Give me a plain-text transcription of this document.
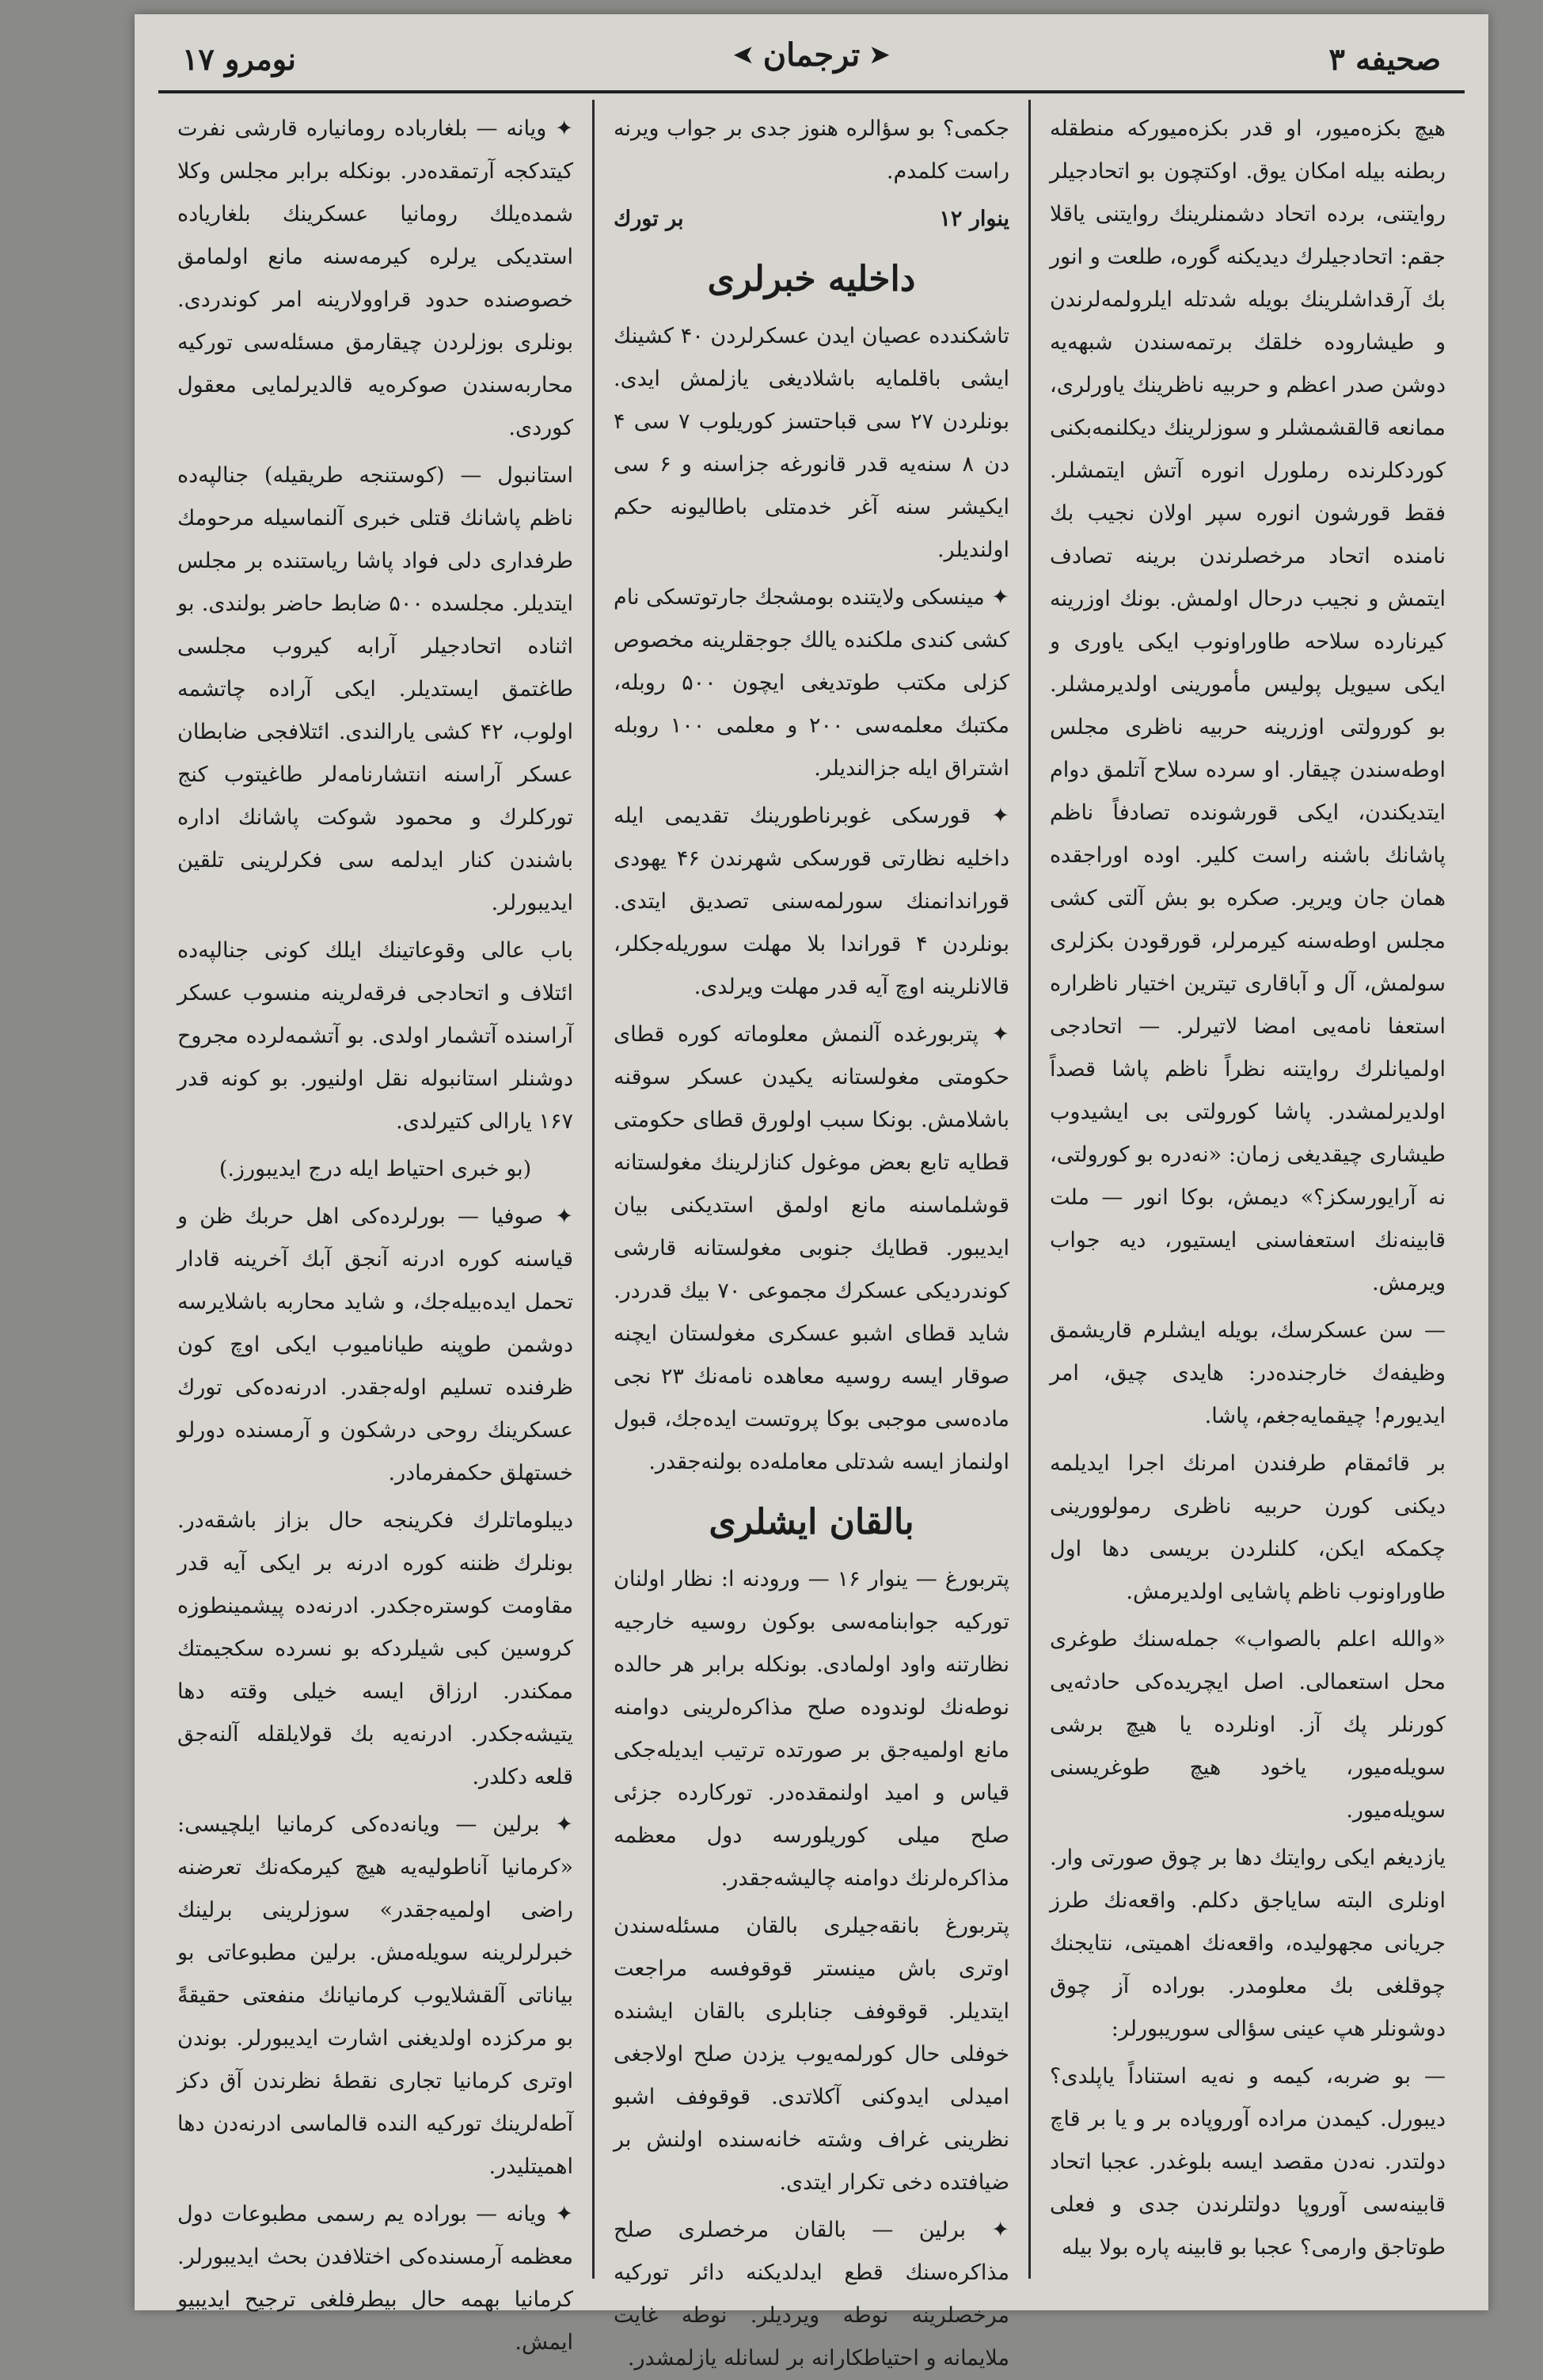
صحیفه ۳
➤
ترجمان
➤
نومرو ۱۷

هیچ بکزه‌میور، او قدر بکزه‌میورکه منطقله ربطنه بیله امکان یوق. اوکتچون بو اتحادجیلر روایتنی، برده اتحاد دشمنلرینك روایتنی یاقلا جقم: اتحادجیلرك دیدیکنه گوره، طلعت و انور بك آرقداشلرینك بویله شدتله ایلرولمه‌لرندن و طیشاروده خلقك برتمه‌سندن شبهه‌یه دوشن صدر اعظم و حربیه ناظرینك یاورلری، ممانعه قالقشمشلر و سوزلرینك دیکلنمه‌بکنی کوردکلرنده رملورل انوره آتش ایتمشلر. فقط قورشون انوره سپر اولان نجیب بك نامنده اتحاد مرخصلرندن برینه تصادف ایتمش و نجیب درحال اولمش. بونك اوزرینه کیرنارده سلاحه طاوراونوب ایکی یاوری و ایکی سیویل پولیس مأمورینی اولدیرمشلر. بو کورولتی اوزرینه حربیه ناظری مجلس اوطه‌سندن چیقار. او سرده سلاح آتلمق دوام ایتدیکندن، ایکی قورشونده تصادفاً ناظم پاشانك باشنه راست کلیر. اوده اوراجقده همان جان ویریر. صکره بو بش آلتی کشی مجلس اوطه‌سنه کیرمرلر، قورقودن بکزلری سولمش، آل و آباقاری تیترین اختیار ناظراره استعفا نامه‌یی امضا لاتیرلر. — اتحادجی اولمیانلرك روایتنه نظراً ناظم پاشا قصداً اولدیرلمشدر. پاشا کورولتی بی ایشیدوب طیشاری چیقدیغی زمان: «نه‌دره بو کورولتی، نه آرایورسکز؟» دیمش، بوکا انور — ملت قابینه‌نك استعفاسنی ایستیور، دیه جواب ویرمش.

— سن عسکرسك، بویله ایشلرم قاریشمق وظیفه‌ك خارجنده‌در: هایدی چیق، امر ایدیورم! چیقمایه‌جغم، پاشا.

بر قائمقام طرفندن امرنك اجرا ایدیلمه دیکنی کورن حربیه ناظری رمولوورینی چکمکه ایکن، کلنلردن بریسی دها اول طاوراونوب ناظم پاشایی اولدیرمش.

«والله اعلم بالصواب» جمله‌سنك طوغری محل استعمالی. اصل ایچریده‌کی حادثه‌یی کورنلر پك آز. اونلرده یا هیچ برشی سویله‌میور، یاخود هیچ طوغریسنی سویله‌میور.

یازدیغم ایکی روایتك دها بر چوق صورتی وار. اونلری البته ساياجق دکلم. واقعه‌نك طرز جریانی مجهولیده، واقعه‌نك اهمیتی، نتایجنك چوقلغی بك معلومدر. بوراده آز چوق دوشونلر هپ عینی سؤالی سوریبورلر:

— بو ضربه، کیمه و نه‌یه استناداً یاپلدی؟ دیبورل. کیمدن مراده آوروپاده بر و یا بر قاچ دولتدر. نه‌دن مقصد ایسه بلوغدر. عجبا اتحاد قابینه‌سی آوروپا دولتلرندن جدی و فعلی طوتاجق وارمی؟ عجبا بو قابینه پاره بولا بیله

جکمی؟ بو سؤالره هنوز جدی بر جواب ویرنه راست کلمدم.

ینوار ۱۲
بر تورك
داخلیه خبرلری

تاشکندده عصیان ایدن عسکرلردن ۴۰ کشینك ایشی باقلمایه باشلادیغی یازلمش ایدی. بونلردن ۲۷ سی قباحتسز کوریلوب ۷ سی ۴ دن ۸ سنه‌یه قدر قانورغه جزاسنه و ۶ سی ایکیشر سنه آغر خدمتلی باطالیونه حکم اولندیلر.

✦ مینسکی ولایتنده بومشجك جارتوتسکی نام کشی کندی ملکنده یالك جوجقلرینه مخصوص کزلی مکتب طوتدیغی ایچون ۵۰۰ روبله، مکتبك معلمه‌سی ۲۰۰ و معلمی ۱۰۰ روبله اشتراق ایله جزالندیلر.

✦ قورسکی غوبرناطورینك تقدیمی ایله داخلیه نظارتی قورسکی شهرندن ۴۶ یهودی قوراندانمنك سورلمه‌سنی تصدیق ایتدی. بونلردن ۴ قوراندا بلا مهلت سوریله‌جکلر، قالانلرینه اوچ آیه قدر مهلت ویرلدی.

✦ پتربورغده آلنمش معلوماته کوره قطای حکومتی مغولستانه یکیدن عسکر سوقنه باشلامش. بونکا سبب اولورق قطای حکومتی قطایه تابع بعض موغول کنازلرینك مغولستانه قوشلماسنه مانع اولمق استدیکنی بیان ایدیبور. قطایك جنوبی مغولستانه قارشی کوندردیکی عسکرك مجموعی ۷۰ بیك قدردر. شاید قطای اشبو عسکری مغولستان ایچنه صوقار ایسه روسیه معاهده نامه‌نك ۲۳ نجی ماده‌سی موجبی بوکا پروتست ایده‌جك، قبول اولنماز ایسه شدتلی معامله‌ده بولنه‌جقدر.

بالقان ایشلری

پتربورغ — ینوار ۱۶ — ورودنه ا: نظار اولنان تورکیه جوابنامه‌سی بوکون روسیه خارجیه نظارتنه واود اولمادی. بونکله برابر هر حالده نوطه‌نك لوندوده صلح مذاکره‌لرینی دوامنه مانع اولمیه‌جق بر صورتده ترتیب ایدیله‌جکی قیاس و امید اولنمقده‌در. تورکارده جزئی صلح میلی کوریلورسه دول معظمه مذاکره‌لرنك دوامنه چالیشه‌جقدر.

پتربورغ بانقه‌جیلری بالقان مسئله‌سندن اوتری باش مینستر قوقوفسه مراجعت ایتدیلر. قوقوفف جنابلری بالقان ایشنده خوفلی حال کورلمه‌یوب یزدن صلح اولاجغی امیدلی ایدوکنی آکلاتدی. قوقوفف اشبو نظرینی غراف وشته خانه‌سنده اولنش بر ضیافتده دخی تکرار ایتدی.

✦ برلین — بالقان مرخصلری صلح مذاکره‌سنك قطع ایدلدیکنه دائر تورکیه مرخصلرینه نوطه ویردیلر. نوطه غایت ملایمانه و احتیاطکارانه بر لسانله یازلمشدر.

✦ ویانه — بلغارباده رومانیاره قارشی نفرت کیتدکجه آرتمقده‌در. بونکله برابر مجلس وکلا شمده‌یلك رومانیا عسکرینك بلغاریاده استدیکی یرلره کیرمه‌سنه مانع اولمامق خصوصنده حدود قراوولارینه امر کوندردی. بونلری بوزلردن چیقارمق مسئله‌سی تورکیه محاربه‌سندن صوکره‌یه قالدیرلمایی معقول کوردی.

استانبول — (کوستنجه طریقیله) جنالپه‌ده ناظم پاشانك قتلی خبری آلنماسیله مرحومك طرفداری دلی فواد پاشا ریاستنده بر مجلس ایتدیلر. مجلسده ۵۰۰ ضابط حاضر بولندی. بو اثناده اتحادجیلر آرابه کیروب مجلسی طاغتمق ایستدیلر. ایکی آراده چاتشمه اولوب، ۴۲ کشی یارالندی. ائتلافجی ضابطان عسکر آراسنه انتشارنامه‌لر طاغیتوب کنج تورکلرك و محمود شوکت پاشانك اداره باشندن کنار ایدلمه سی فکرلرینی تلقین ایدیبورلر.

باب عالی وقوعاتینك ایلك کونی جنالپه‌ده ائتلاف و اتحادجی فرقه‌لرینه منسوب عسکر آراسنده آتشمار اولدی. بو آتشمه‌لرده مجروح دوشنلر استانبوله نقل اولنیور. بو کونه قدر ۱۶۷ یارالی کتیرلدی.

(بو خبری احتیاط ایله درج ایدیبورز.)

✦ صوفیا — بورلرده‌کی اهل حربك ظن و قیاسنه کوره ادرنه آنجق آبك آخرینه قادار تحمل ایده‌بیله‌جك، و شاید محاربه باشلایرسه دوشمن طوپنه طیانامیوب ایکی اوچ کون ظرفنده تسلیم اوله‌جقدر. ادرنه‌ده‌کی تورك عسکرینك روحی درشکون و آرمسنده دورلو خستهلق حکمفرمادر.

دیبلوماتلرك فکرینجه حال بزاز باشقه‌در. بونلرك ظننه کوره ادرنه بر ایکی آیه قدر مقاومت کوستره‌جکدر. ادرنه‌ده پیشمینطوزه کروسین کبی شیلردکه بو نسرده سکجیمتك ممکندر. ارزاق ایسه خیلی وقته دها یتیشه‌جکدر. ادرنه‌یه بك قولایلقله آلنه‌جق قلعه دکلدر.

✦ برلین — ویانه‌ده‌کی کرمانیا ایلچیسی: «کرمانیا آناطولیه‌یه هیچ کیرمکه‌نك تعرضنه راضی اولمیه‌جقدر» سوزلرینی برلینك خبرلرلرینه سویله‌مش. برلین مطبوعاتی بو بیاناتی آلقشلایوب کرمانیانك منفعتی حقیقةً بو مرکزده اولدیغنی اشارت ایدیبورلر. بوندن اوتری کرمانیا تجاری نقطهٔ نظرندن آق دکز آطه‌لرینك تورکیه النده قالماسی ادرنه‌دن دها اهمیتلیدر.

✦ ویانه — بوراده یم رسمی مطبوعات دول معظمه آرمسنده‌کی اختلافدن بحث ایدیبورلر. کرمانیا بهمه حال بیطرفلغی ترجیح ایدیبیو ایمش.
